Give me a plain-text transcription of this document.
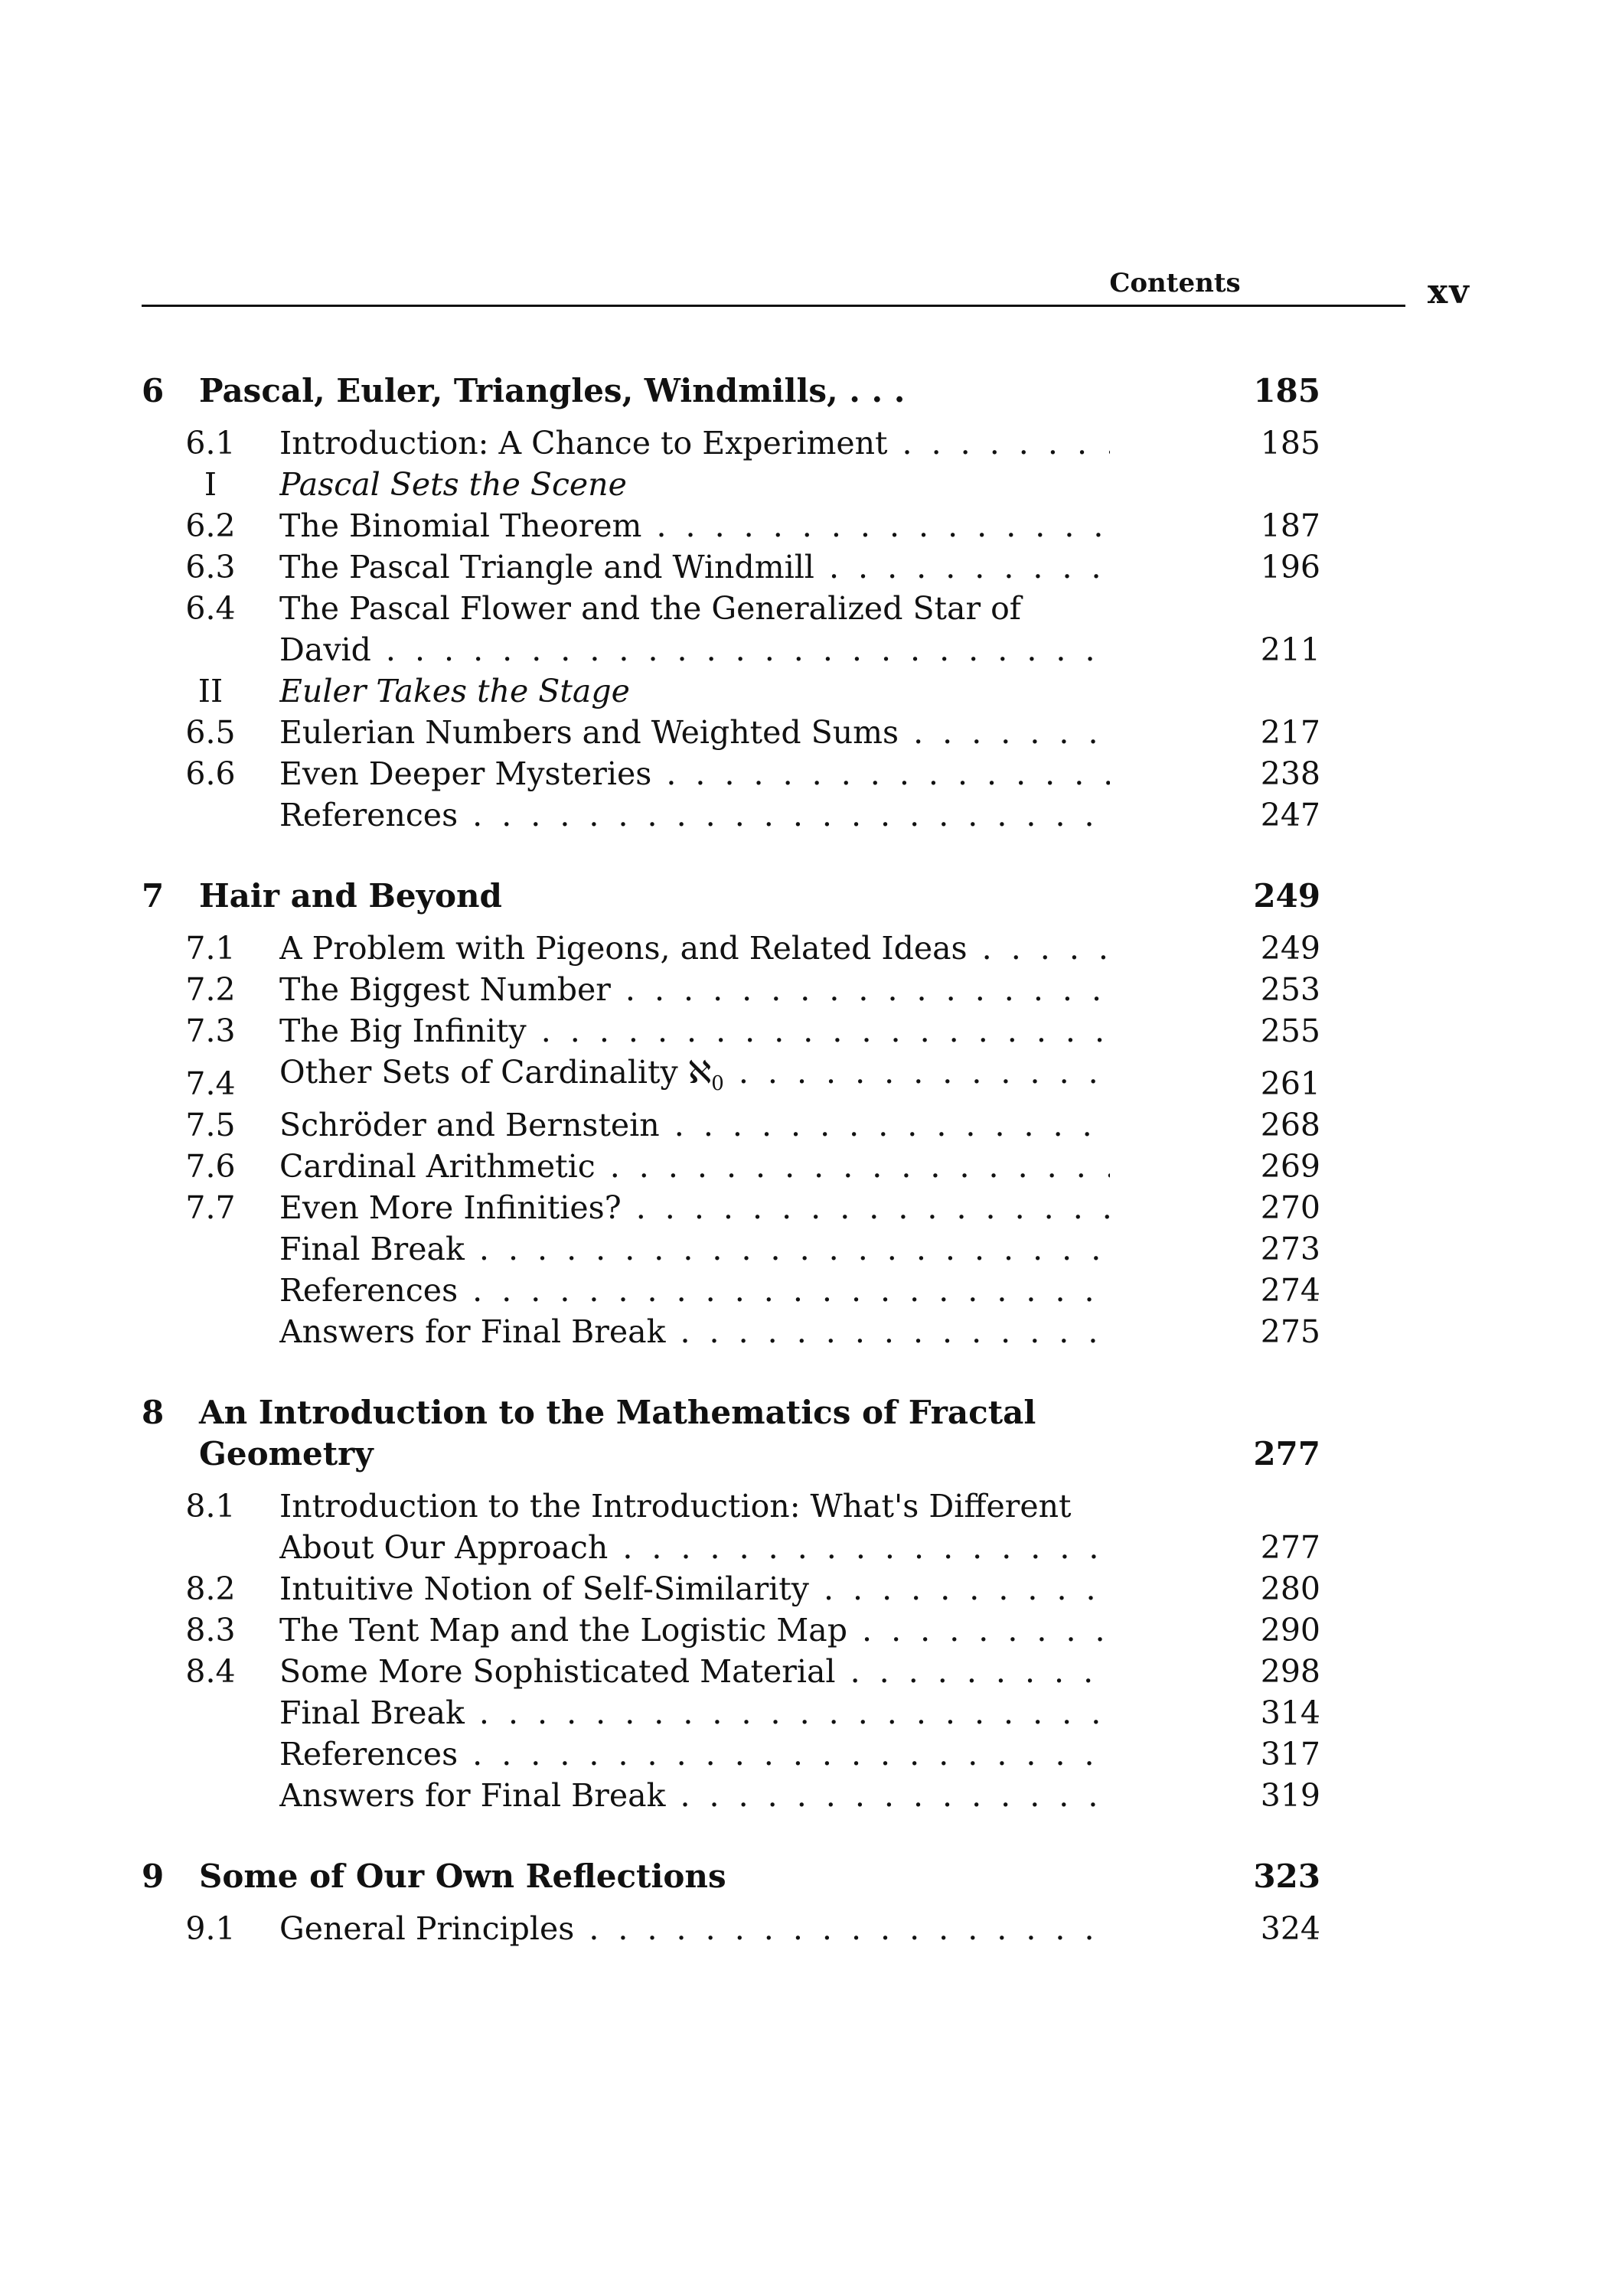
Contents	xv
6	Pascal, Euler, Triangles, Windmills, . . .	185
6.1	Introduction: A Chance to Experiment . . .	185
I	Pascal Sets the Scene
6.2	The Binomial Theorem . . .	187
6.3	The Pascal Triangle and Windmill . . .	196
6.4	The Pascal Flower and the Generalized Star of
David . . .	211
II	Euler Takes the Stage
6.5	Eulerian Numbers and Weighted Sums . . .	217
6.6	Even Deeper Mysteries . . .	238
References . . .	247
7	Hair and Beyond	249
7.1	A Problem with Pigeons, and Related Ideas . . .	249
7.2	The Biggest Number . . .	253
7.3	The Big Infinity . . .	255
7.4	Other Sets of Cardinality ℵ$_0$ . . .	261
7.5	Schröder and Bernstein . . .	268
7.6	Cardinal Arithmetic . . .	269
7.7	Even More Infinities? . . .	270
Final Break . . .	273
References . . .	274
Answers for Final Break . . .	275
8	An Introduction to the Mathematics of Fractal
Geometry	277
8.1	Introduction to the Introduction: What's Different
About Our Approach . . .	277
8.2	Intuitive Notion of Self-Similarity . . .	280
8.3	The Tent Map and the Logistic Map . . .	290
8.4	Some More Sophisticated Material . . .	298
Final Break . . .	314
References . . .	317
Answers for Final Break . . .	319
9	Some of Our Own Reflections	323
9.1	General Principles . . .	324
